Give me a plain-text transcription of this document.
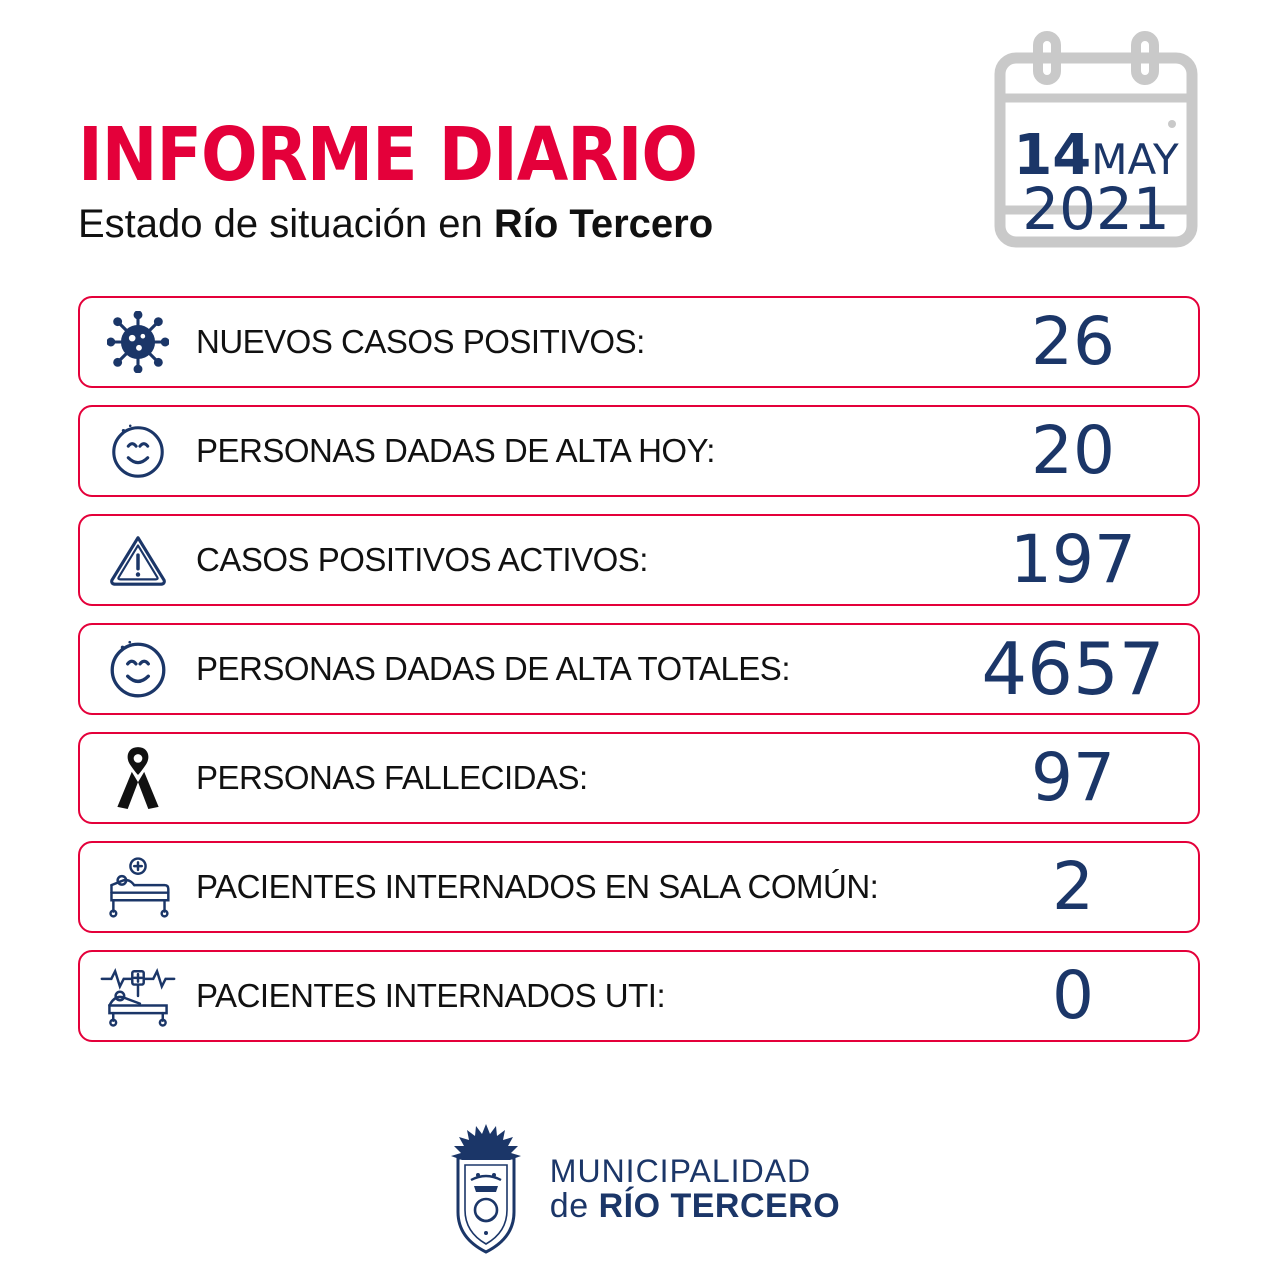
INFORME DIARIO
Estado de situación en Río Tercero
14MAY
2021
NUEVOS CASOS POSITIVOS:	26
PERSONAS DADAS DE ALTA HOY:	20
CASOS POSITIVOS ACTIVOS:	197
PERSONAS DADAS DE ALTA TOTALES:	4657
PERSONAS FALLECIDAS:	97
PACIENTES INTERNADOS EN SALA COMÚN:	2
PACIENTES INTERNADOS UTI:	0
MUNICIPALIDAD
de RÍO TERCERO
